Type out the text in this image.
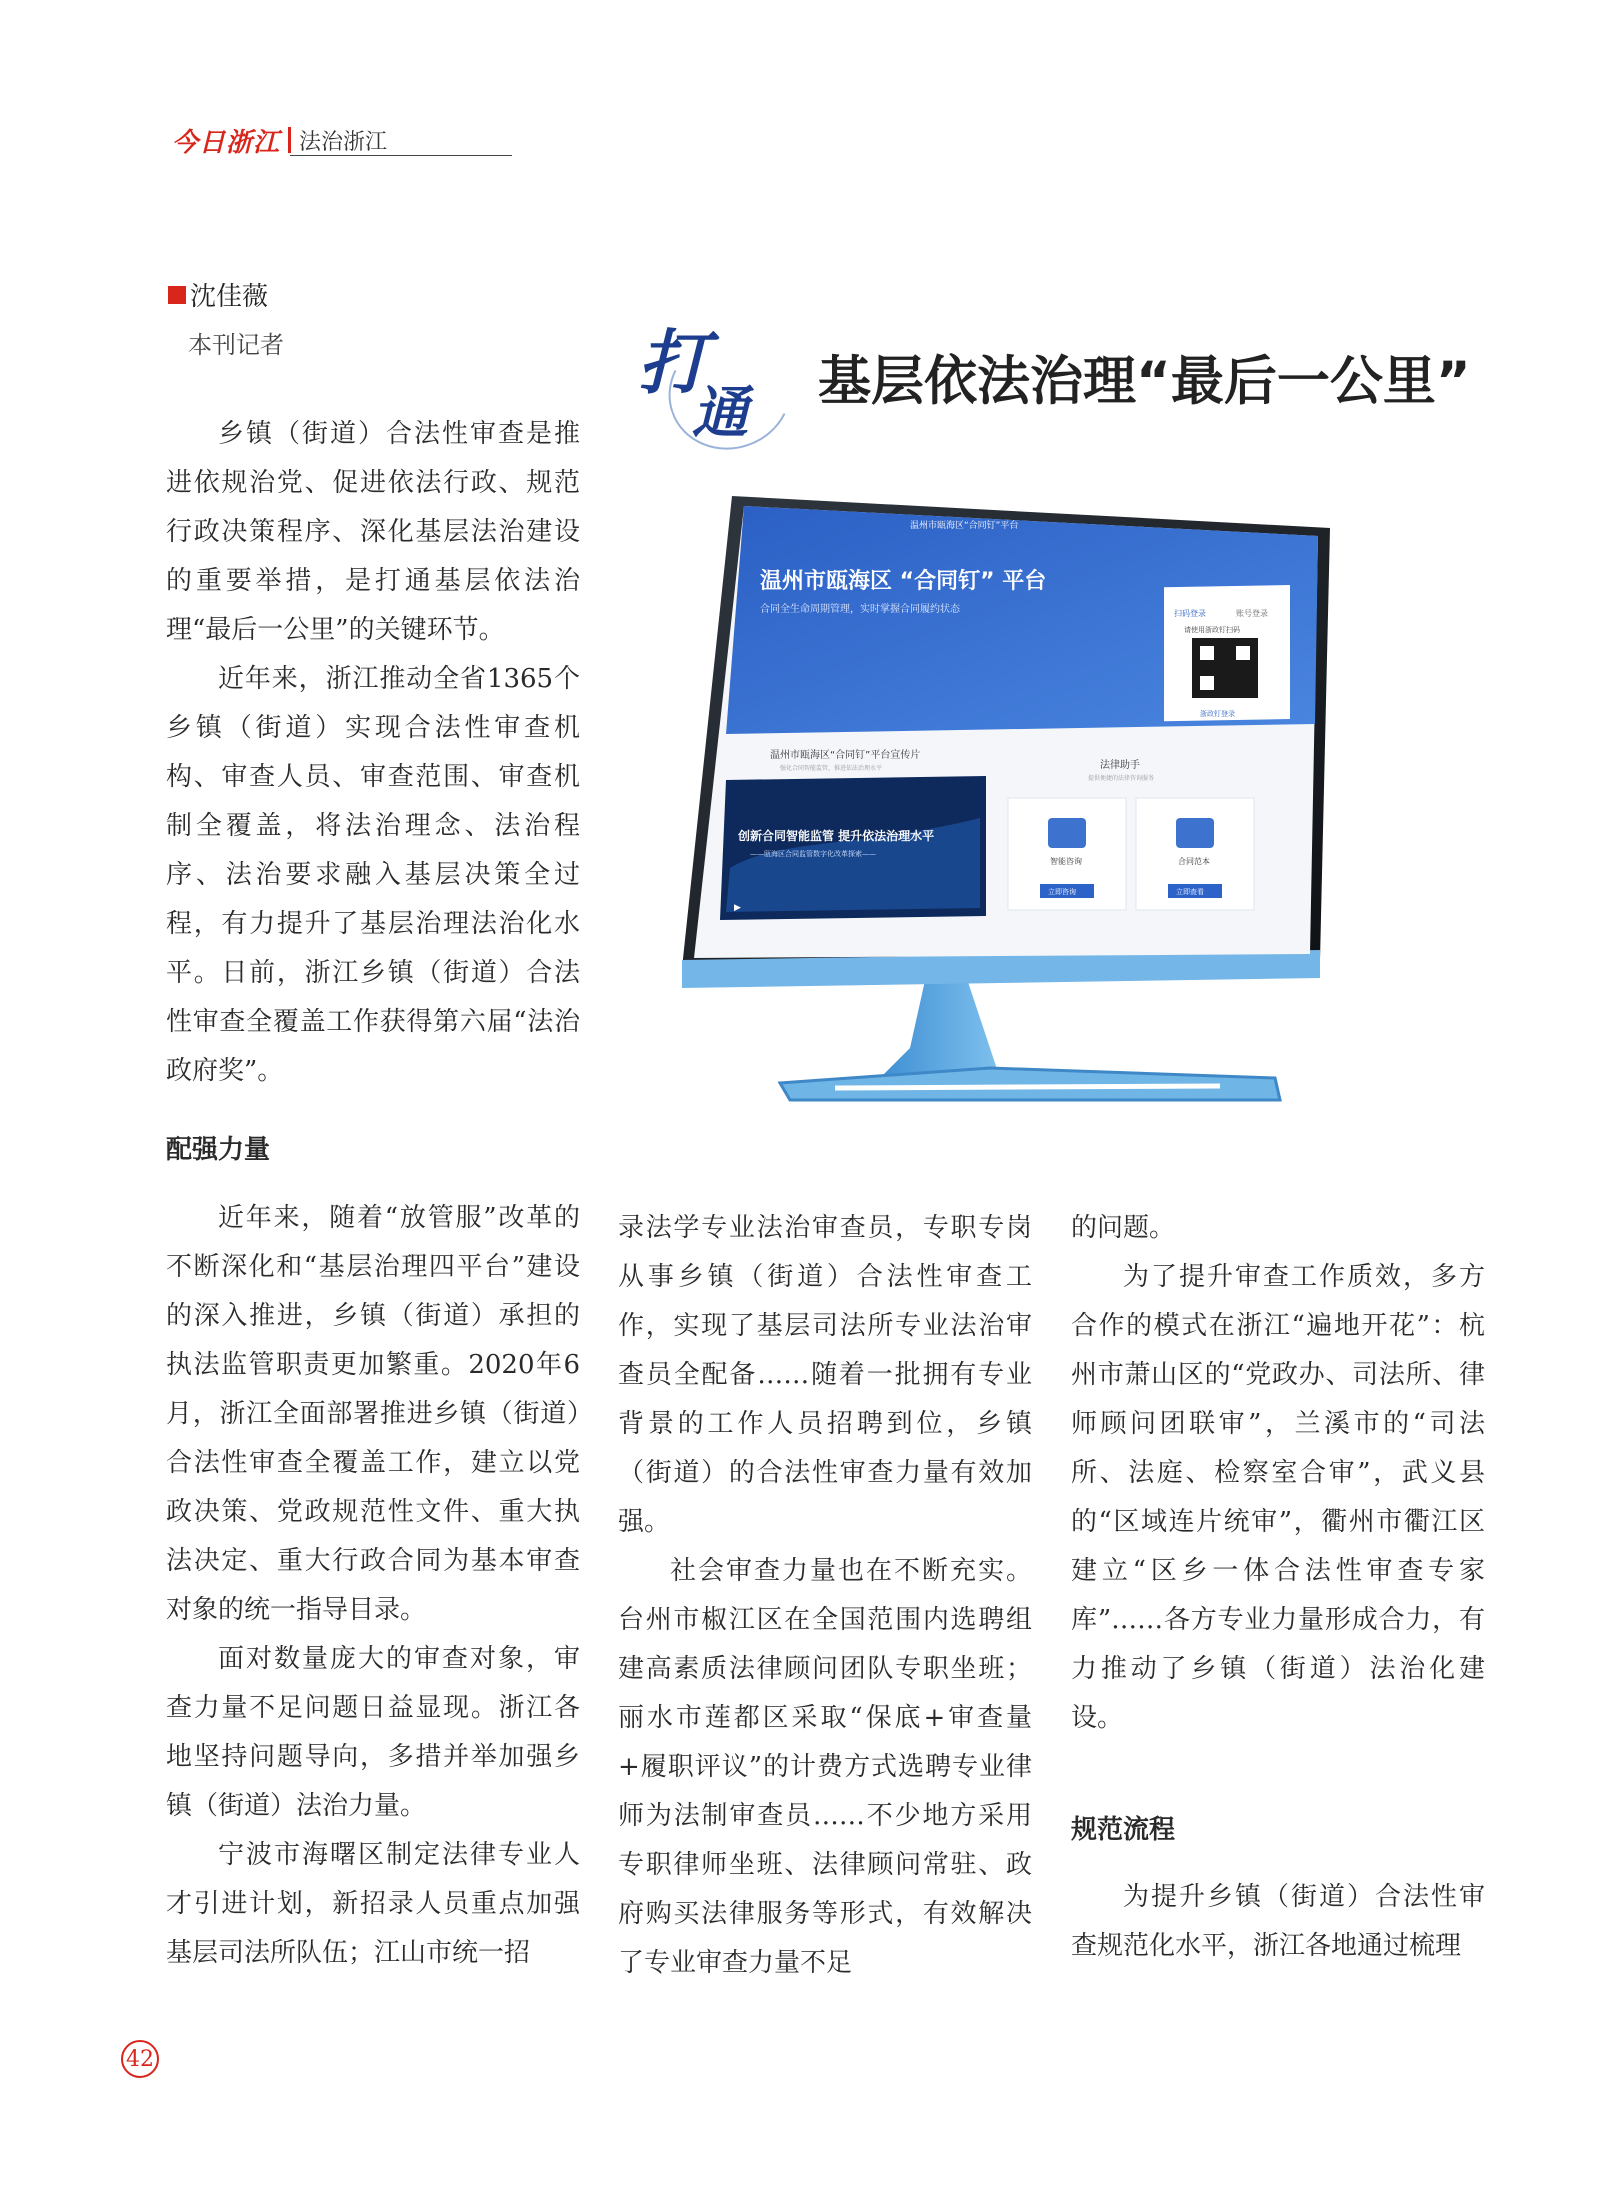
今日浙江 法治浙江
沈佳薇
本刊记者	打
通 基层依法治理“最后一公里”

乡镇（街道）合法性审查是推进依规治党、促进依法行政、规范行政决策程序、深化基层法治建设的重要举措，是打通基层依法治理“最后一公里”的关键环节。

近年来，浙江推动全省1365个乡镇（街道）实现合法性审查机构、审查人员、审查范围、审查机制全覆盖，将法治理念、法治程序、法治要求融入基层决策全过程，有力提升了基层治理法治化水平。日前，浙江乡镇（街道）合法性审查全覆盖工作获得第六届“法治政府奖”。

配强力量
温州市瓯海区“合同钉”平台
温州市瓯海区 “合同钉” 平台
合同全生命周期管理，实时掌握合同履约状态	扫码登录	账号登录
请使用浙政钉扫码
浙政钉登录
温州市瓯海区“合同钉”平台宣传片
强化合同智能监管，推进依法治理水平
创新合同智能监管 提升依法治理水平
——瓯海区合同监管数字化改革探索——
▶
法律助手
提供便捷的法律咨询服务
智能咨询	合同范本
立即咨询	立即查看

近年来，随着“放管服”改革的不断深化和“基层治理四平台”建设的深入推进，乡镇（街道）承担的执法监管职责更加繁重。2020年6月，浙江全面部署推进乡镇（街道）合法性审查全覆盖工作，建立以党政决策、党政规范性文件、重大执法决定、重大行政合同为基本审查对象的统一指导目录。

面对数量庞大的审查对象，审查力量不足问题日益显现。浙江各地坚持问题导向，多措并举加强乡镇（街道）法治力量。

宁波市海曙区制定法律专业人才引进计划，新招录人员重点加强基层司法所队伍；江山市统一招

录法学专业法治审查员，专职专岗从事乡镇（街道）合法性审查工作，实现了基层司法所专业法治审查员全配备……随着一批拥有专业背景的工作人员招聘到位，乡镇（街道）的合法性审查力量有效加强。

社会审查力量也在不断充实。台州市椒江区在全国范围内选聘组建高素质法律顾问团队专职坐班；丽水市莲都区采取“保底+审查量+履职评议”的计费方式选聘专业律师为法制审查员……不少地方采用专职律师坐班、法律顾问常驻、政府购买法律服务等形式，有效解决了专业审查力量不足

的问题。

为了提升审查工作质效，多方合作的模式在浙江“遍地开花”：杭州市萧山区的“党政办、司法所、律师顾问团联审”，兰溪市的“司法所、法庭、检察室合审”，武义县的“区域连片统审”，衢州市衢江区建立“区乡一体合法性审查专家库”……各方专业力量形成合力，有力推动了乡镇（街道）法治化建设。

规范流程

为提升乡镇（街道）合法性审查规范化水平，浙江各地通过梳理

42
